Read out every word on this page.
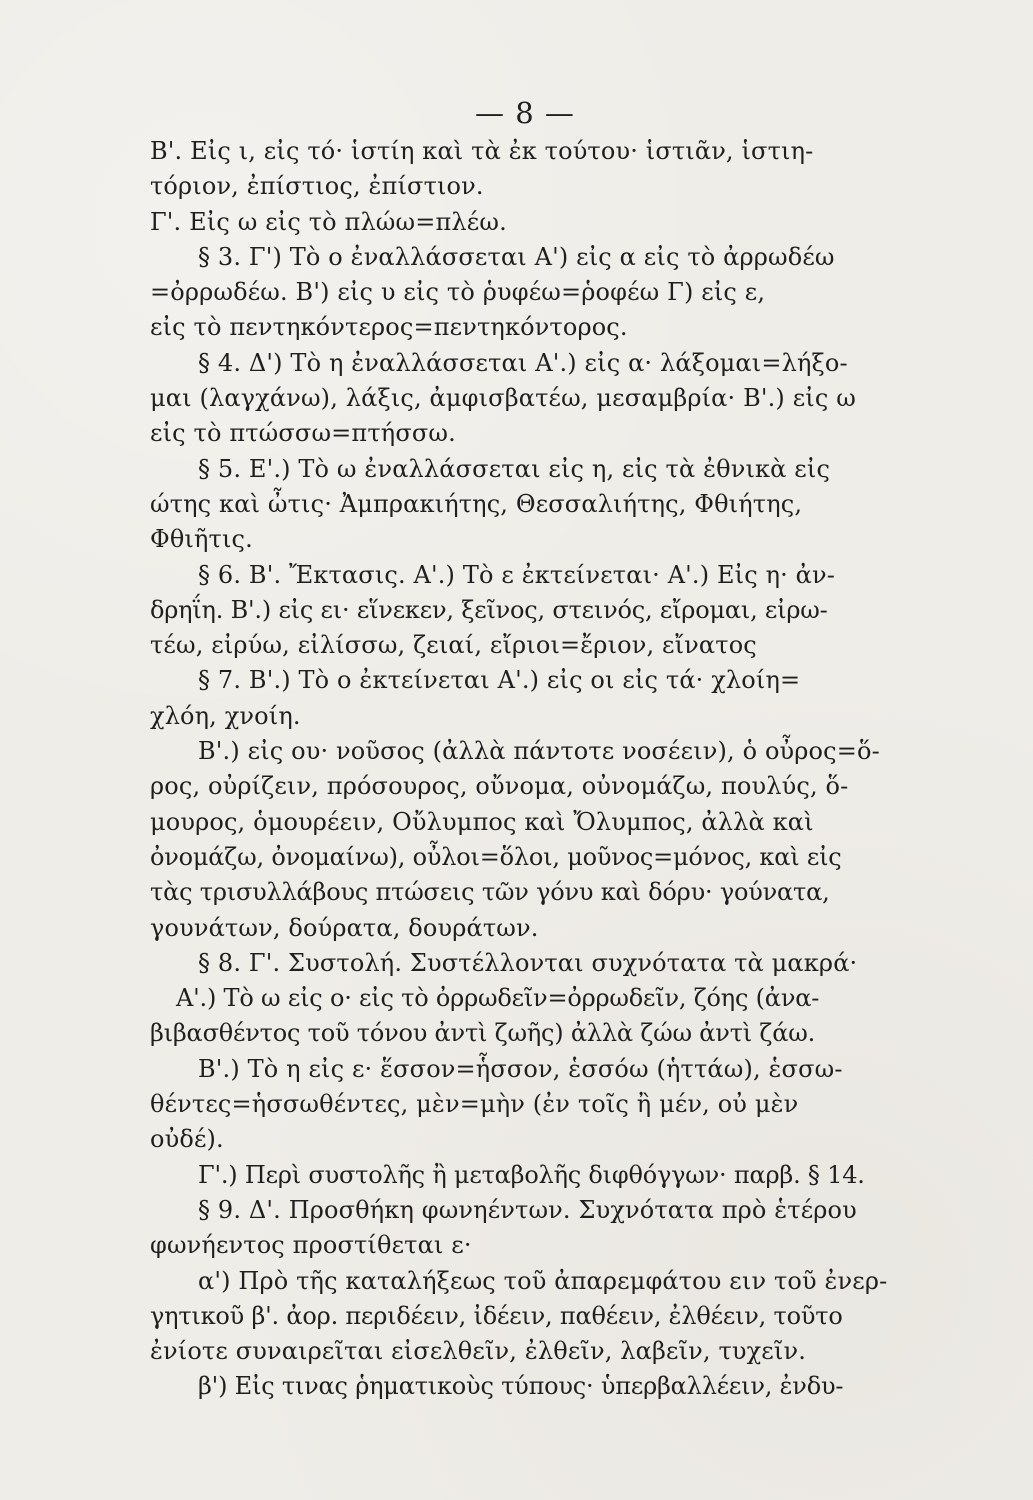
— 8 —
Β'. Εἰς ι, εἰς τό· ἱστίη καὶ τὰ ἐκ τούτου· ἱστιᾶν, ἱστιη-
τόριον, ἐπίστιος, ἐπίστιον.
Γ'. Εἰς ω εἰς τὸ πλώω=πλέω.
§ 3. Γ') Τὸ ο ἐναλλάσσεται Α') εἰς α εἰς τὸ ἀρρωδέω
=ὀρρωδέω. Β') εἰς υ εἰς τὸ ῥυφέω=ῥοφέω Γ) εἰς ε,
εἰς τὸ πεντηκόντερος=πεντηκόντορος.
§ 4. Δ') Τὸ η ἐναλλάσσεται Α'.) εἰς α· λάξομαι=λήξο-
μαι (λαγχάνω), λάξις, ἀμφισβατέω, μεσαμβρία· Β'.) εἰς ω
εἰς τὸ πτώσσω=πτήσσω.
§ 5. Ε'.) Τὸ ω ἐναλλάσσεται εἰς η, εἰς τὰ ἐθνικὰ εἰς
ώτης καὶ ὦτις· Ἀμπρακιήτης, Θεσσαλιήτης, Φθιήτης,
Φθιῆτις.
§ 6. Β'. Ἔκτασις. Α'.) Τὸ ε ἐκτείνεται· Α'.) Εἰς η· ἀν-
δρηΐη. Β'.) εἰς ει· εἵνεκεν, ξεῖνος, στεινός, εἴρομαι, εἰρω-
τέω, εἰρύω, εἰλίσσω, ζειαί, εἴριοι=ἔριον, εἴνατος
§ 7. Β'.) Τὸ ο ἐκτείνεται Α'.) εἰς οι εἰς τά· χλοίη=
χλόη, χνοίη.
Β'.) εἰς ου· νοῦσος (ἀλλὰ πάντοτε νοσέειν), ὁ οὖρος=ὅ-
ρος, οὐρίζειν, πρόσουρος, οὔνομα, οὐνομάζω, πουλύς, ὅ-
μουρος, ὁμουρέειν, Οὔλυμπος καὶ Ὄλυμπος, ἀλλὰ καὶ
ὀνομάζω, ὀνομαίνω), οὖλοι=ὅλοι, μοῦνος=μόνος, καὶ εἰς
τὰς τρισυλλάβους πτώσεις τῶν γόνυ καὶ δόρυ· γούνατα,
γουνάτων, δούρατα, δουράτων.
§ 8. Γ'. Συστολή. Συστέλλονται συχνότατα τὰ μακρά·
Α'.) Τὸ ω εἰς ο· εἰς τὸ ὀρρωδεῖν=ὀρρωδεῖν, ζόης (ἀνα-
βιβασθέντος τοῦ τόνου ἀντὶ ζωῆς) ἀλλὰ ζώω ἀντὶ ζάω.
Β'.) Τὸ η εἰς ε· ἕσσον=ἧσσον, ἑσσόω (ἡττάω), ἑσσω-
θέντες=ἡσσωθέντες, μὲν=μὴν (ἐν τοῖς ἢ μέν, οὐ μὲν
οὐδέ).
Γ'.) Περὶ συστολῆς ἢ μεταβολῆς διφθόγγων· παρβ. § 14.
§ 9. Δ'. Προσθήκη φωνηέντων. Συχνότατα πρὸ ἑτέρου
φωνήεντος προστίθεται ε·
α') Πρὸ τῆς καταλήξεως τοῦ ἀπαρεμφάτου ειν τοῦ ἐνερ-
γητικοῦ β'. ἀορ. περιδέειν, ἰδέειν, παθέειν, ἐλθέειν, τοῦτο
ἐνίοτε συναιρεῖται εἰσελθεῖν, ἐλθεῖν, λαβεῖν, τυχεῖν.
β') Εἰς τινας ῥηματικοὺς τύπους· ὑπερβαλλέειν, ἐνδυ-
